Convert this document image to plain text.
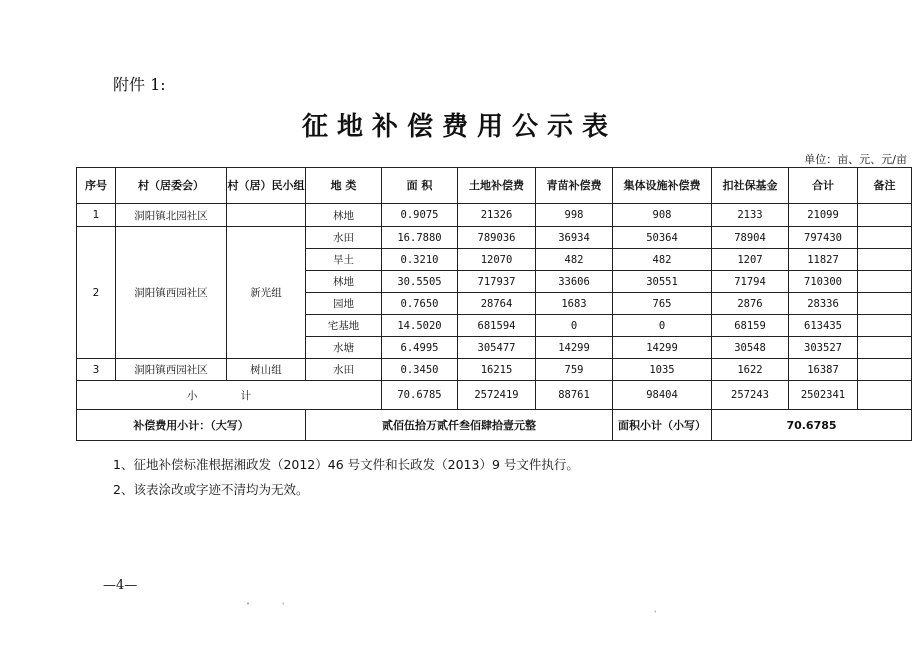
附件 1:
征地补偿费用公示表
单位：亩、元、元/亩
序号	村（居委会）	村（居）民小组	地 类	面 积	土地补偿费	青苗补偿费	集体设施补偿费	扣社保基金	合计	备注
1	洞阳镇北园社区		林地	0.9075	21326	998	908	2133	21099	
2	洞阳镇西园社区	新光组	水田	16.7880	789036	36934	50364	78904	797430	
			旱土	0.3210	12070	482	482	1207	11827	
			林地	30.5505	717937	33606	30551	71794	710300	
			园地	0.7650	28764	1683	765	2876	28336	
			宅基地	14.5020	681594	0	0	68159	613435	
			水塘	6.4995	305477	14299	14299	30548	303527	
3	洞阳镇西园社区	树山组	水田	0.3450	16215	759	1035	1622	16387	
小 计				70.6785	2572419	88761	98404	257243	2502341	
补偿费用小计：（大写）			贰佰伍拾万贰仟叁佰肆拾壹元整				面积小计（小写）	70.6785		
1、征地补偿标准根据湘政发（2012）46 号文件和长政发（2013）9 号文件执行。
2、该表涂改或字迹不清均为无效。
—4—
˄	ˈ
ˈ
